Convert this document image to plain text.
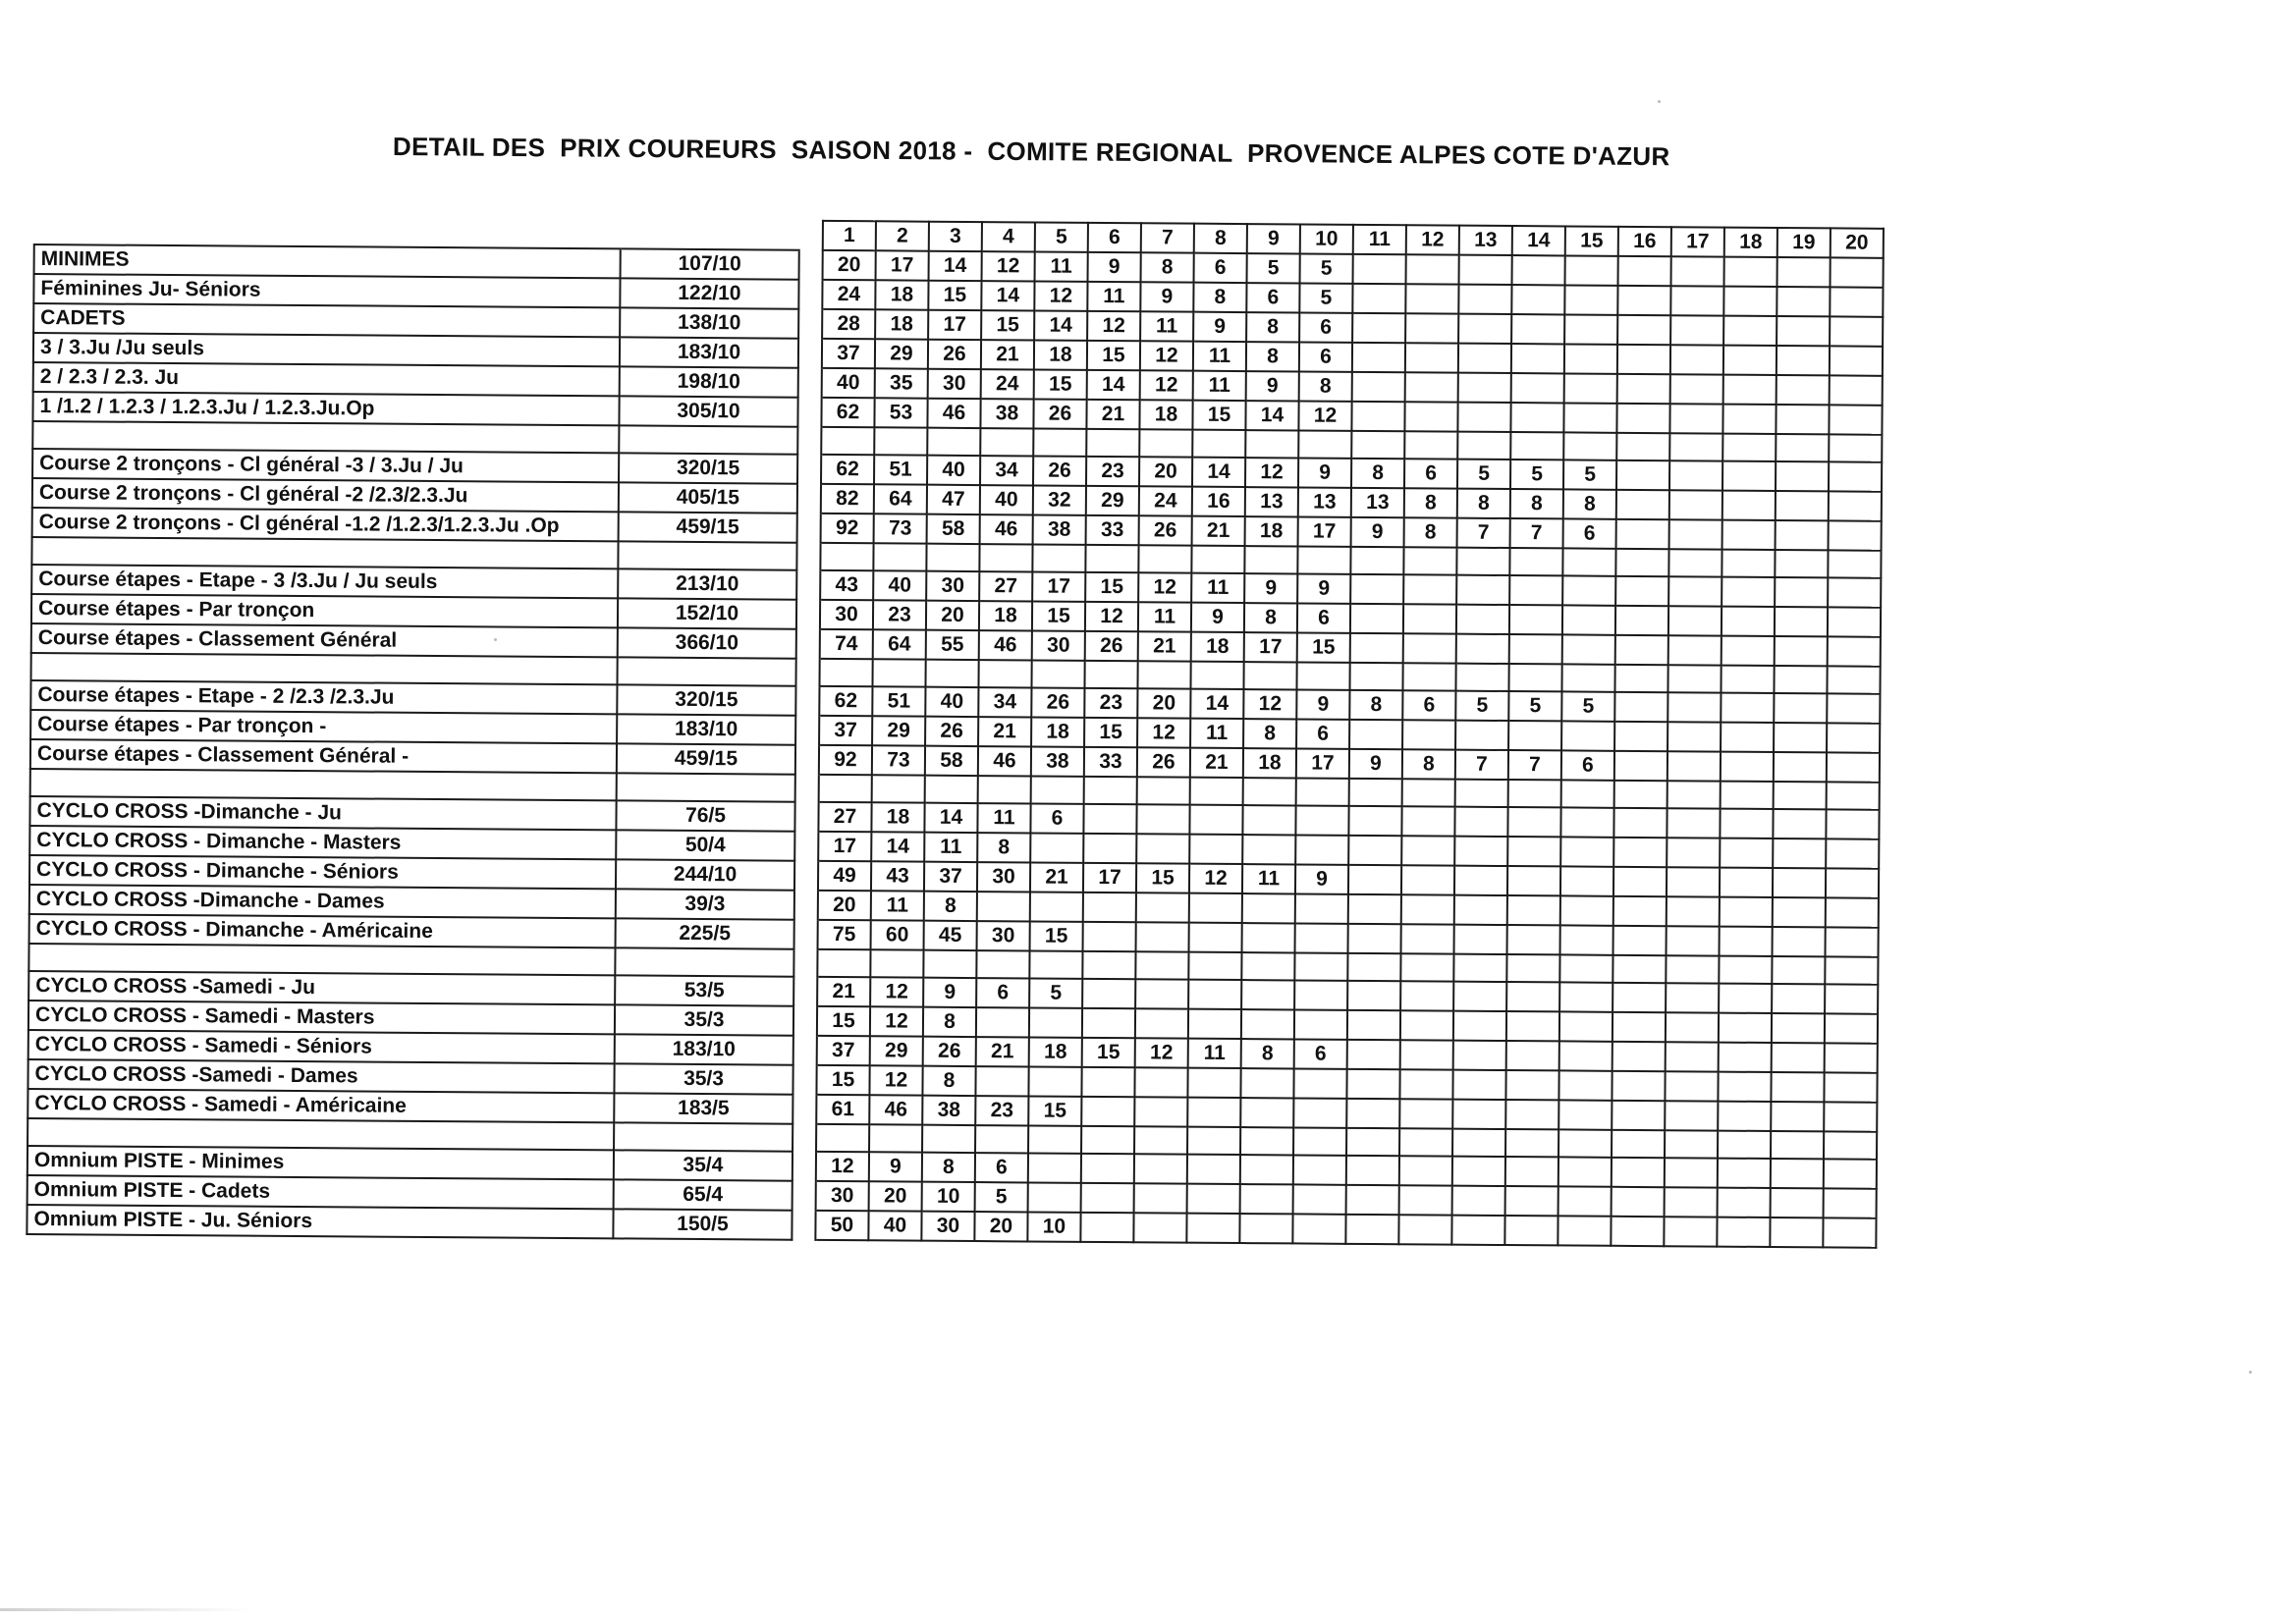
DETAIL DES  PRIX COUREURS  SAISON 2018 -  COMITE REGIONAL  PROVENCE ALPES COTE D'AZUR
			1	2	3	4	5	6	7	8	9	10	11	12	13	14	15	16	17	18	19	20
MINIMES	107/10		20	17	14	12	11	9	8	6	5	5										
Féminines Ju- Séniors	122/10		24	18	15	14	12	11	9	8	6	5										
CADETS	138/10		28	18	17	15	14	12	11	9	8	6										
3 / 3.Ju /Ju seuls	183/10		37	29	26	21	18	15	12	11	8	6										
2 / 2.3 / 2.3. Ju	198/10		40	35	30	24	15	14	12	11	9	8										
1 /1.2 / 1.2.3 / 1.2.3.Ju / 1.2.3.Ju.Op	305/10		62	53	46	38	26	21	18	15	14	12										

Course 2 tronçons - Cl général -3 / 3.Ju / Ju	320/15		62	51	40	34	26	23	20	14	12	9	8	6	5	5	5					
Course 2 tronçons - Cl général -2 /2.3/2.3.Ju	405/15		82	64	47	40	32	29	24	16	13	13	13	8	8	8	8					
Course 2 tronçons - Cl général -1.2 /1.2.3/1.2.3.Ju .Op	459/15		92	73	58	46	38	33	26	21	18	17	9	8	7	7	6					

Course étapes - Etape - 3 /3.Ju / Ju seuls	213/10		43	40	30	27	17	15	12	11	9	9										
Course étapes - Par tronçon	152/10		30	23	20	18	15	12	11	9	8	6										
Course étapes - Classement Général	366/10		74	64	55	46	30	26	21	18	17	15										

Course étapes - Etape - 2 /2.3 /2.3.Ju	320/15		62	51	40	34	26	23	20	14	12	9	8	6	5	5	5					
Course étapes - Par tronçon -	183/10		37	29	26	21	18	15	12	11	8	6										
Course étapes - Classement Général -	459/15		92	73	58	46	38	33	26	21	18	17	9	8	7	7	6					

CYCLO CROSS -Dimanche - Ju	76/5		27	18	14	11	6															
CYCLO CROSS - Dimanche - Masters	50/4		17	14	11	8																
CYCLO CROSS - Dimanche - Séniors	244/10		49	43	37	30	21	17	15	12	11	9										
CYCLO CROSS -Dimanche - Dames	39/3		20	11	8																	
CYCLO CROSS - Dimanche - Américaine	225/5		75	60	45	30	15															

CYCLO CROSS -Samedi - Ju	53/5		21	12	9	6	5															
CYCLO CROSS - Samedi - Masters	35/3		15	12	8																	
CYCLO CROSS - Samedi - Séniors	183/10		37	29	26	21	18	15	12	11	8	6										
CYCLO CROSS -Samedi - Dames	35/3		15	12	8																	
CYCLO CROSS - Samedi - Américaine	183/5		61	46	38	23	15															

Omnium PISTE - Minimes	35/4		12	9	8	6																
Omnium PISTE - Cadets	65/4		30	20	10	5																
Omnium PISTE - Ju. Séniors	150/5		50	40	30	20	10															
